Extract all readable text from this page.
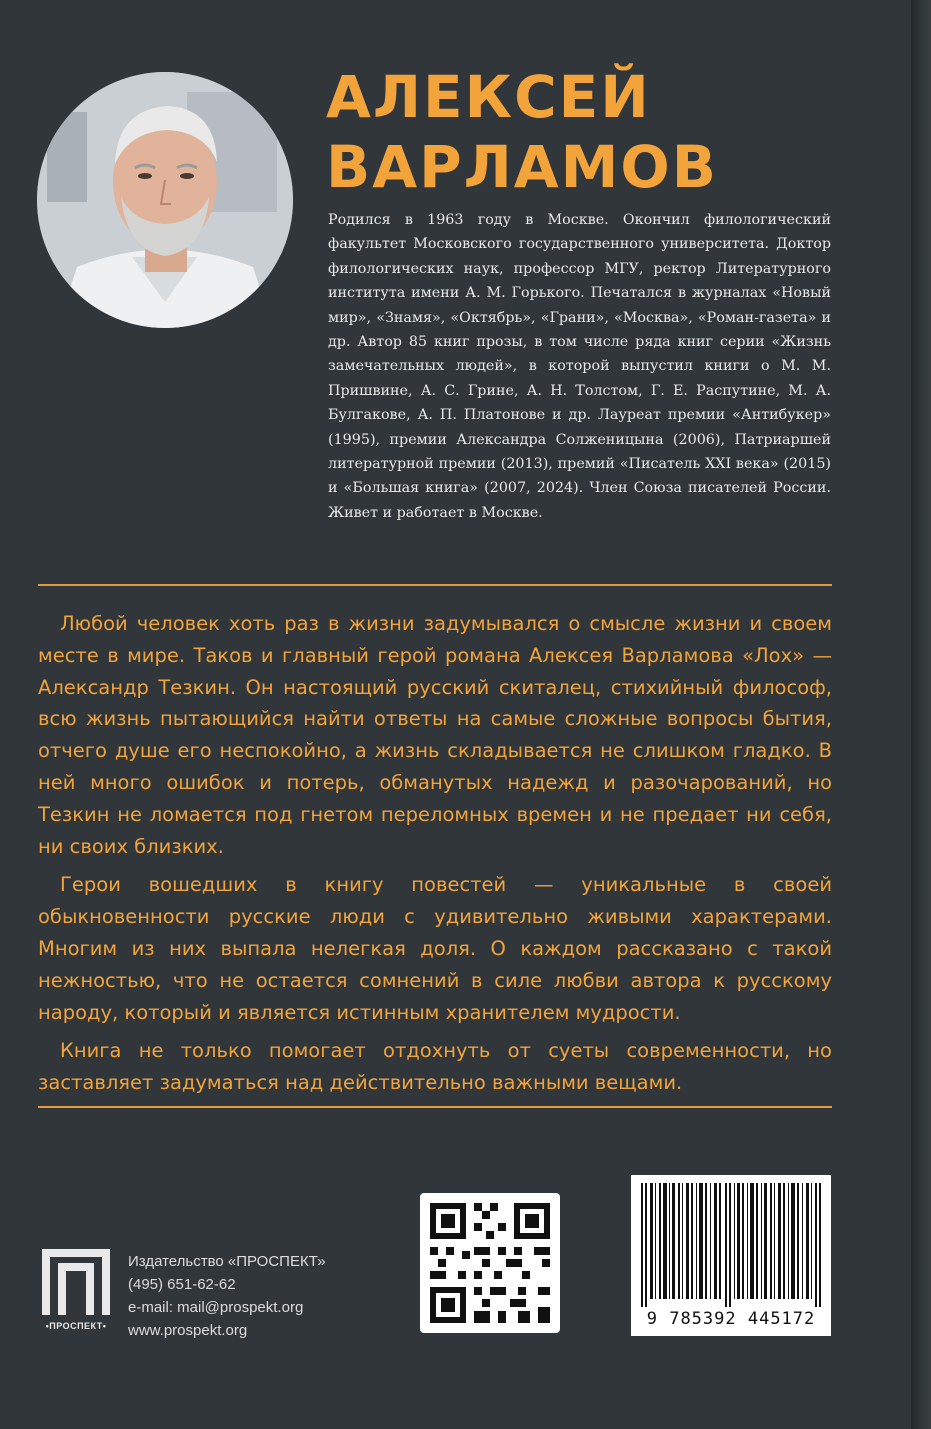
АЛЕКСЕЙ
ВАРЛАМОВ
Родился в 1963 году в Москве. Окончил филологический факультет Московского государственного университета. Доктор филологических наук, профессор МГУ, ректор Литературного института имени А. М. Горького. Печатался в журналах «Новый мир», «Знамя», «Октябрь», «Грани», «Москва», «Роман-газета» и др. Автор 85 книг прозы, в том числе ряда книг серии «Жизнь замечательных людей», в которой выпустил книги о М. М. Пришвине, А. С. Грине, А. Н. Толстом, Г. Е. Распутине, М. А. Булгакове, А. П. Платонове и др. Лауреат премии «Антибукер» (1995), премии Александра Солженицына (2006), Патриаршей литературной премии (2013), премий «Писатель XXI века» (2015) и «Большая книга» (2007, 2024). Член Союза писателей России. Живет и работает в Москве.

Любой человек хоть раз в жизни задумывался о смысле жизни и своем месте в мире. Таков и главный герой романа Алексея Варламова «Лох» — Александр Тезкин. Он настоящий русский скиталец, стихийный философ, всю жизнь пытающийся найти ответы на самые сложные вопросы бытия, отчего душе его неспокойно, а жизнь складывается не слишком гладко. В ней много ошибок и потерь, обманутых надежд и разочарований, но Тезкин не ломается под гнетом переломных времен и не предает ни себя, ни своих близких.

Герои вошедших в книгу повестей — уникальные в своей обыкновенности русские люди с удивительно живыми характерами. Многим из них выпала нелегкая доля. О каждом рассказано с такой нежностью, что не остается сомнений в силе любви автора к русскому народу, который и является истинным хранителем мудрости.

Книга не только помогает отдохнуть от суеты современности, но заставляет задуматься над действительно важными вещами.

•ПРОСПЕКТ•
Издательство «ПРОСПЕКТ»
(495) 651-62-62
e-mail: mail@prospekt.org
www.prospekt.org
9 785392 445172
